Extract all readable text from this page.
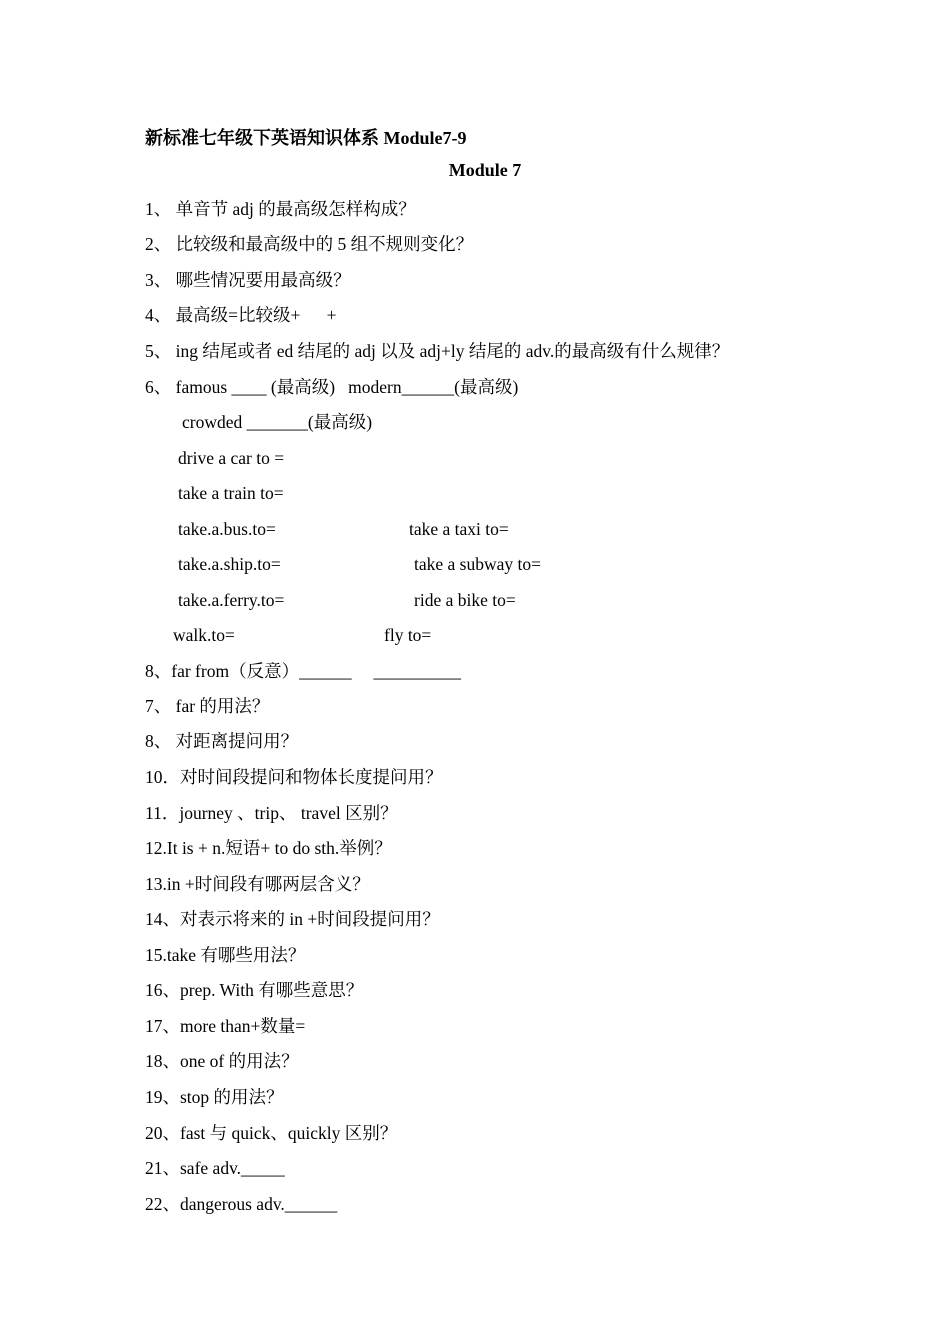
新标准七年级下英语知识体系 Module7-9
Module 7
1、 单音节 adj 的最高级怎样构成？
2、 比较级和最高级中的 5 组不规则变化？
3、 哪些情况要用最高级？
4、 最高级=比较级+      +
5、 ing 结尾或者 ed 结尾的 adj 以及 adj+ly 结尾的 adv.的最高级有什么规律？
6、 famous ____ (最高级)   modern______(最高级)
crowded _______(最高级)
drive a car to =
take a train to=
take.a.bus.to=	take a taxi to=
take.a.ship.to=	take a subway to=
take.a.ferry.to=	ride a bike to=
walk.to=	fly to=
8、far from（反意）______     __________
7、 far 的用法？
8、 对距离提问用？
10．对时间段提问和物体长度提问用？
11．journey 、trip、 travel 区别？
12.It is + n.短语+ to do sth.举例？
13.in +时间段有哪两层含义？
14、对表示将来的 in +时间段提问用？
15.take 有哪些用法？
16、prep. With 有哪些意思？
17、more than+数量=
18、one of 的用法？
19、stop 的用法？
20、fast 与 quick、quickly 区别？
21、safe adv._____
22、dangerous adv.______
